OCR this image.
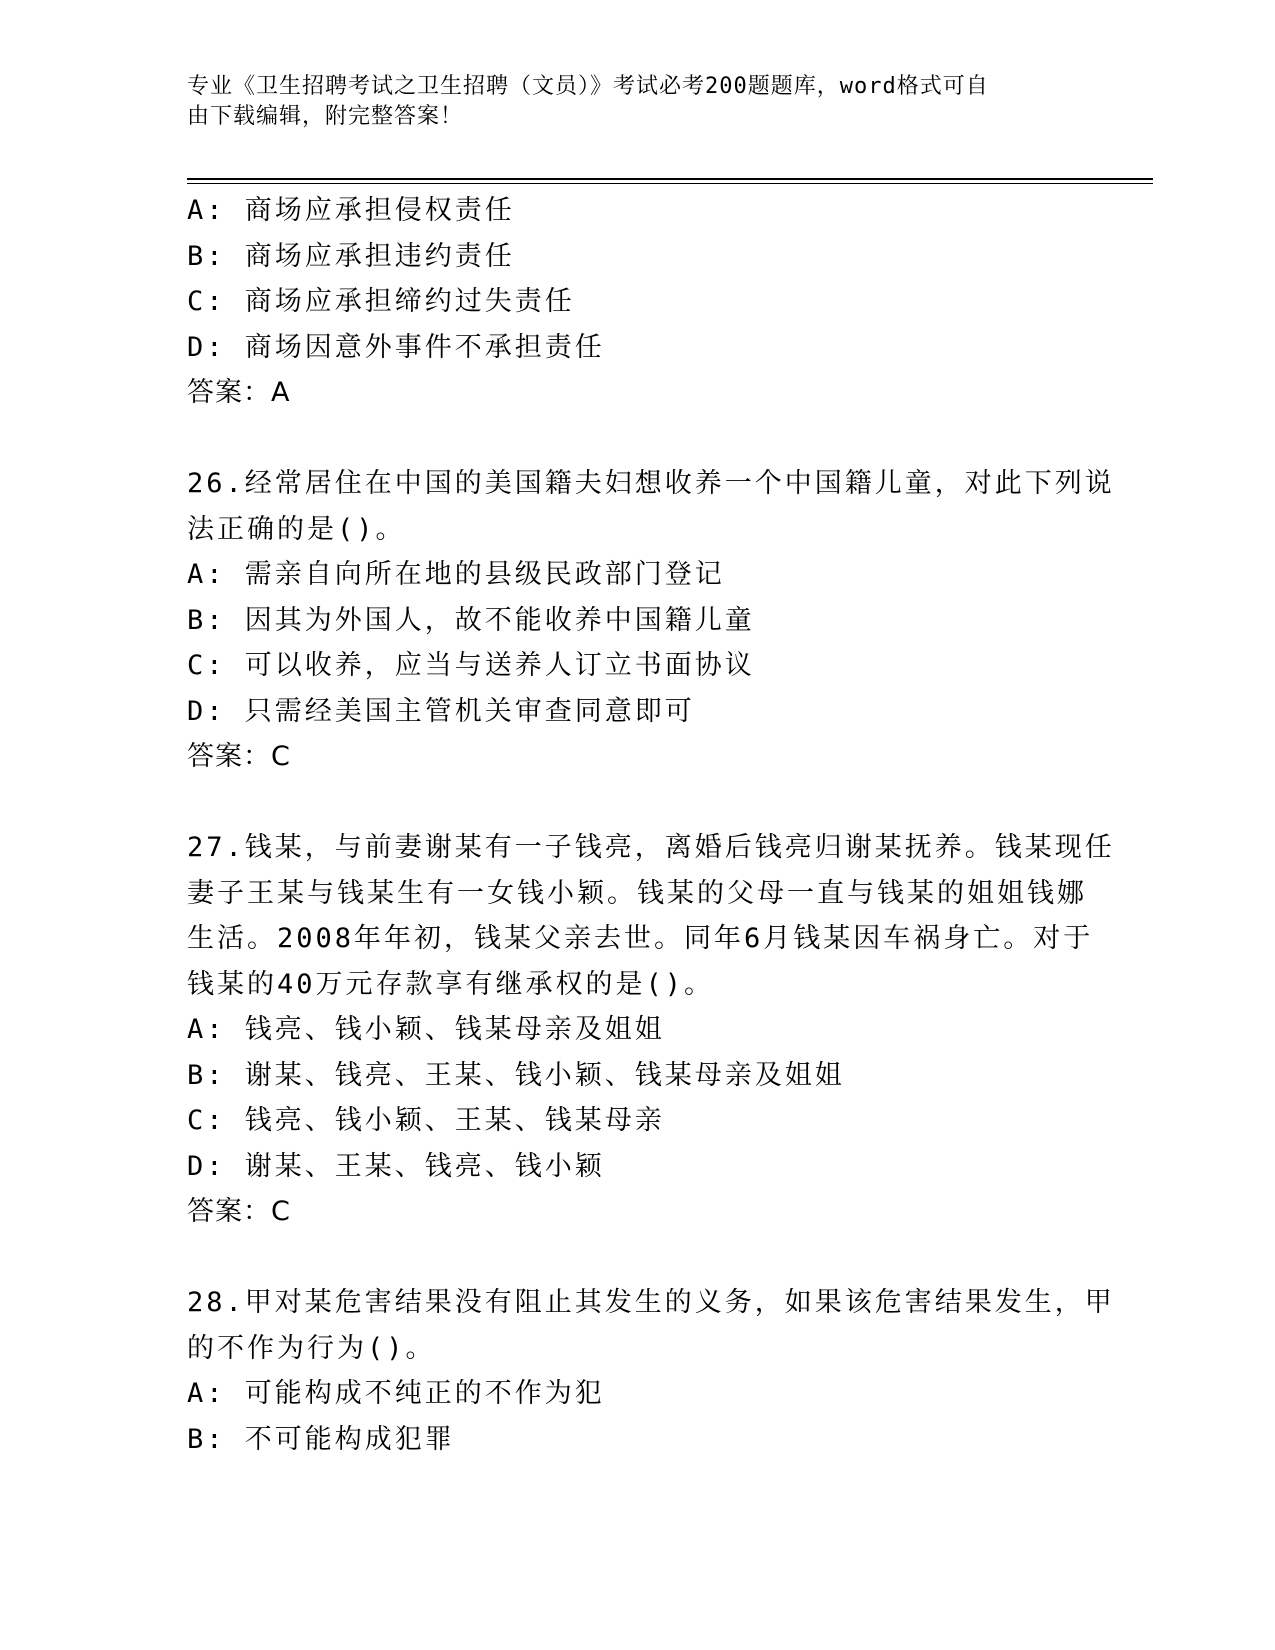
专业《卫生招聘考试之卫生招聘（文员）》考试必考200题题库，word格式可自
由下载编辑，附完整答案！
A: 商场应承担侵权责任
B: 商场应承担违约责任
C: 商场应承担缔约过失责任
D: 商场因意外事件不承担责任
答案：A
26.经常居住在中国的美国籍夫妇想收养一个中国籍儿童，对此下列说
法正确的是()。
A: 需亲自向所在地的县级民政部门登记
B: 因其为外国人，故不能收养中国籍儿童
C: 可以收养，应当与送养人订立书面协议
D: 只需经美国主管机关审查同意即可
答案：C
27.钱某，与前妻谢某有一子钱亮，离婚后钱亮归谢某抚养。钱某现任
妻子王某与钱某生有一女钱小颖。钱某的父母一直与钱某的姐姐钱娜
生活。2008年年初，钱某父亲去世。同年6月钱某因车祸身亡。对于
钱某的40万元存款享有继承权的是()。
A: 钱亮、钱小颖、钱某母亲及姐姐
B: 谢某、钱亮、王某、钱小颖、钱某母亲及姐姐
C: 钱亮、钱小颖、王某、钱某母亲
D: 谢某、王某、钱亮、钱小颖
答案：C
28.甲对某危害结果没有阻止其发生的义务，如果该危害结果发生，甲
的不作为行为()。
A: 可能构成不纯正的不作为犯
B: 不可能构成犯罪
